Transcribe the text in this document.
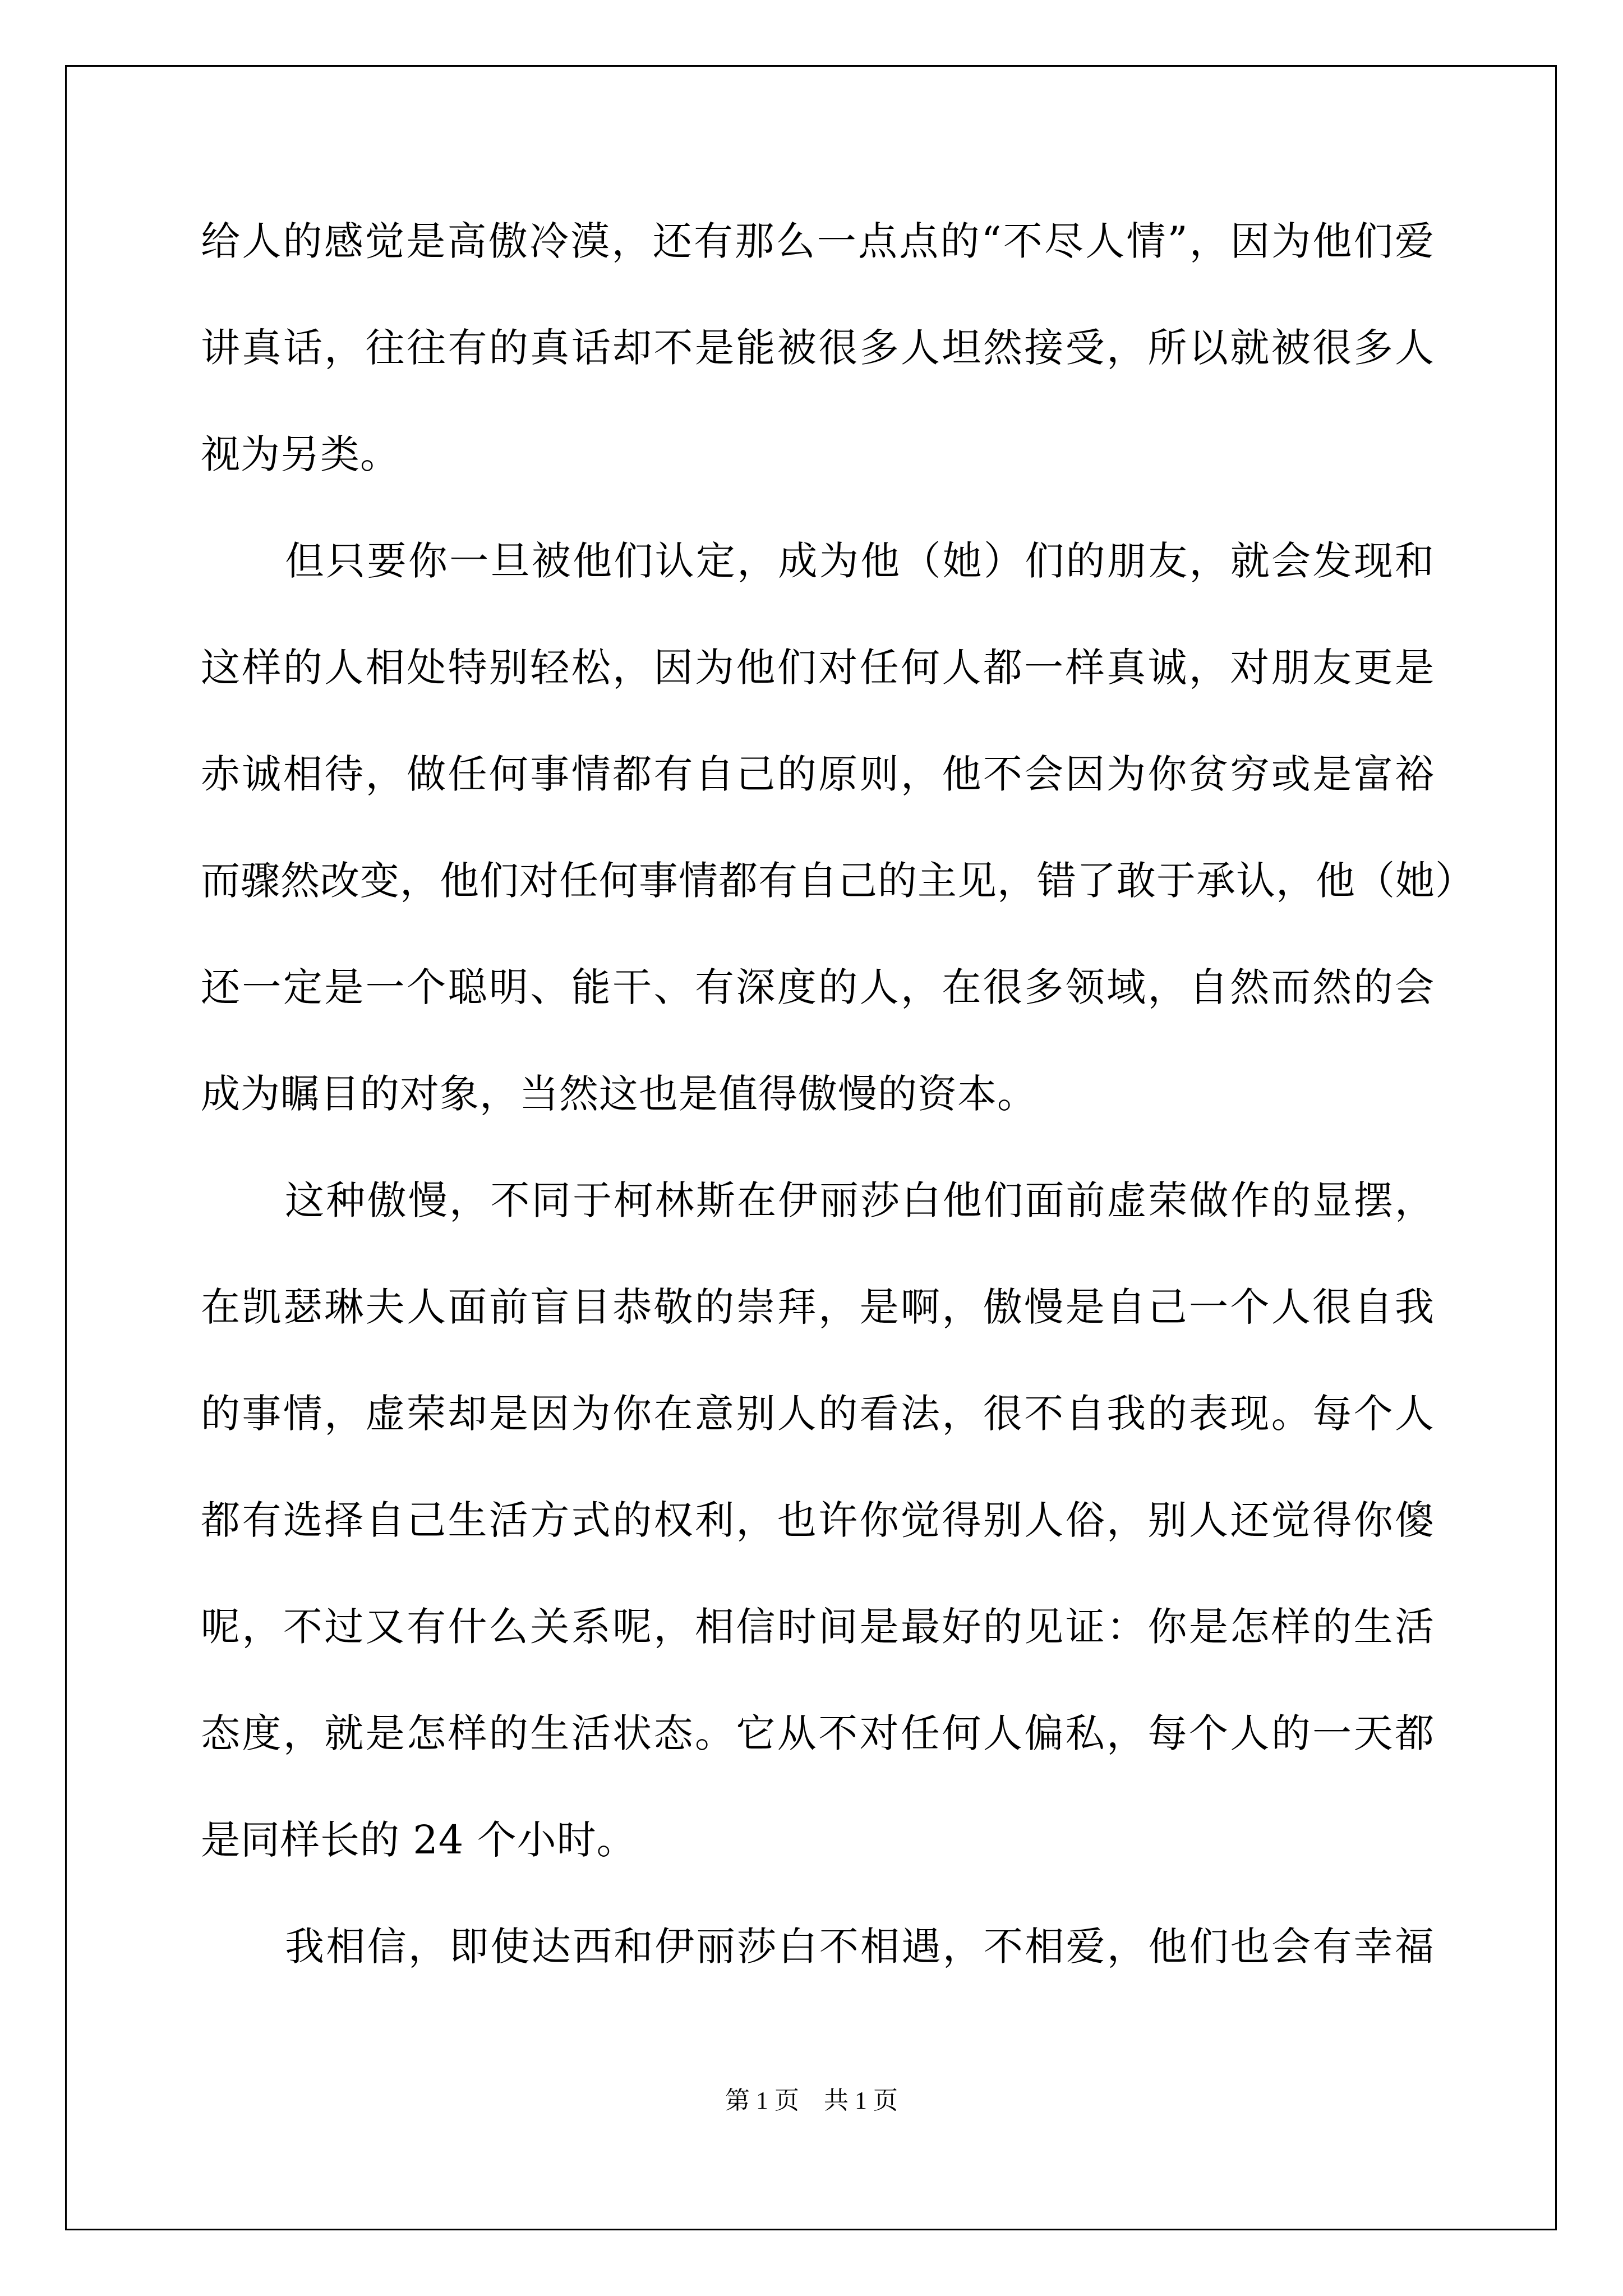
给人的感觉是高傲冷漠，还有那么一点点的“不尽人情”，因为他们爱
讲真话，往往有的真话却不是能被很多人坦然接受，所以就被很多人
视为另类。
但只要你一旦被他们认定，成为他（她）们的朋友，就会发现和
这样的人相处特别轻松，因为他们对任何人都一样真诚，对朋友更是
赤诚相待，做任何事情都有自己的原则，他不会因为你贫穷或是富裕
而骤然改变，他们对任何事情都有自己的主见，错了敢于承认，他（她）
还一定是一个聪明、能干、有深度的人，在很多领域，自然而然的会
成为瞩目的对象，当然这也是值得傲慢的资本。
这种傲慢，不同于柯林斯在伊丽莎白他们面前虚荣做作的显摆，
在凯瑟琳夫人面前盲目恭敬的崇拜，是啊，傲慢是自己一个人很自我
的事情，虚荣却是因为你在意别人的看法，很不自我的表现。每个人
都有选择自己生活方式的权利，也许你觉得别人俗，别人还觉得你傻
呢，不过又有什么关系呢，相信时间是最好的见证：你是怎样的生活
态度，就是怎样的生活状态。它从不对任何人偏私，每个人的一天都
是同样长的 24 个小时。
我相信，即使达西和伊丽莎白不相遇，不相爱，他们也会有幸福
第 1 页 共 1 页
